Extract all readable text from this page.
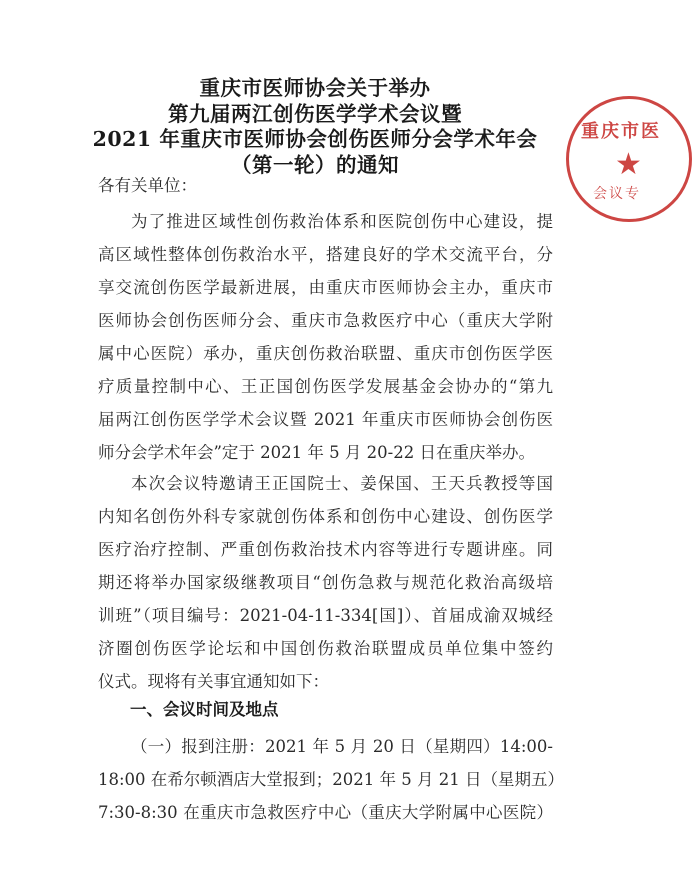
重庆市医师协会关于举办
第九届两江创伤医学学术会议暨
2021 年重庆市医师协会创伤医师分会学术年会
（第一轮）的通知
各有关单位：
为了推进区域性创伤救治体系和医院创伤中心建设，提
高区域性整体创伤救治水平，搭建良好的学术交流平台，分
享交流创伤医学最新进展，由重庆市医师协会主办，重庆市
医师协会创伤医师分会、重庆市急救医疗中心（重庆大学附
属中心医院）承办，重庆创伤救治联盟、重庆市创伤医学医
疗质量控制中心、王正国创伤医学发展基金会协办的“第九
届两江创伤医学学术会议暨 2021 年重庆市医师协会创伤医
师分会学术年会”定于 2021 年 5 月 20-22 日在重庆举办。
本次会议特邀请王正国院士、姜保国、王天兵教授等国
内知名创伤外科专家就创伤体系和创伤中心建设、创伤医学
医疗治疗控制、严重创伤救治技术内容等进行专题讲座。同
期还将举办国家级继教项目“创伤急救与规范化救治高级培
训班”（项目编号：2021-04-11-334[国]）、首届成渝双城经
济圈创伤医学论坛和中国创伤救治联盟成员单位集中签约
仪式。现将有关事宜通知如下：
一、会议时间及地点
（一）报到注册：2021 年 5 月 20 日（星期四）14:00-
18:00 在希尔顿酒店大堂报到；2021 年 5 月 21 日（星期五）
7:30-8:30 在重庆市急救医疗中心（重庆大学附属中心医院）
重庆市医
★
会议专
